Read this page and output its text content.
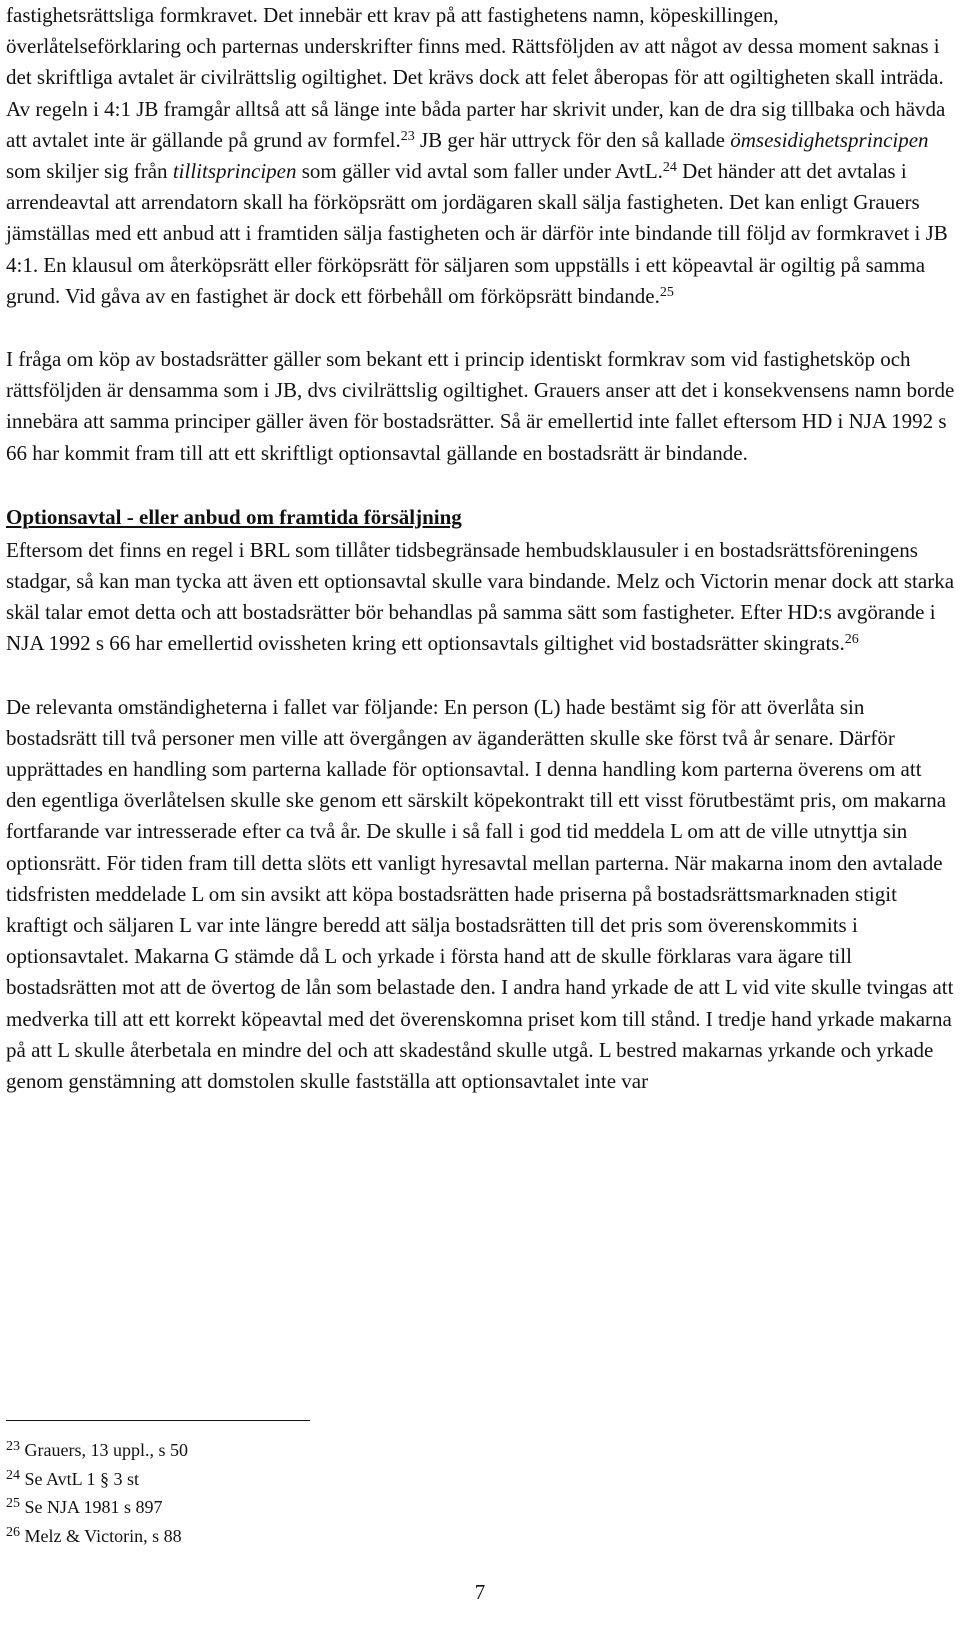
fastighetsrättsliga formkravet. Det innebär ett krav på att fastighetens namn, köpeskillingen, överlåtelseförklaring och parternas underskrifter finns med. Rättsföljden av att något av dessa moment saknas i det skriftliga avtalet är civilrättslig ogiltighet. Det krävs dock att felet åberopas för att ogiltigheten skall inträda. Av regeln i 4:1 JB framgår alltså att så länge inte båda parter har skrivit under, kan de dra sig tillbaka och hävda att avtalet inte är gällande på grund av formfel.$^{23}$ JB ger här uttryck för den så kallade ömsesidighetsprincipen som skiljer sig från tillitsprincipen som gäller vid avtal som faller under AvtL.$^{24}$ Det händer att det avtalas i arrendeavtal att arrendatorn skall ha förköpsrätt om jordägaren skall sälja fastigheten. Det kan enligt Grauers jämställas med ett anbud att i framtiden sälja fastigheten och är därför inte bindande till följd av formkravet i JB 4:1. En klausul om återköpsrätt eller förköpsrätt för säljaren som uppställs i ett köpeavtal är ogiltig på samma grund. Vid gåva av en fastighet är dock ett förbehåll om förköpsrätt bindande.$^{25}$

I fråga om köp av bostadsrätter gäller som bekant ett i princip identiskt formkrav som vid fastighetsköp och rättsföljden är densamma som i JB, dvs civilrättslig ogiltighet. Grauers anser att det i konsekvensens namn borde innebära att samma principer gäller även för bostadsrätter. Så är emellertid inte fallet eftersom HD i NJA 1992 s 66 har kommit fram till att ett skriftligt optionsavtal gällande en bostadsrätt är bindande.

Optionsavtal - eller anbud om framtida försäljning

Eftersom det finns en regel i BRL som tillåter tidsbegränsade hembudsklausuler i en bostadsrättsföreningens stadgar, så kan man tycka att även ett optionsavtal skulle vara bindande. Melz och Victorin menar dock att starka skäl talar emot detta och att bostadsrätter bör behandlas på samma sätt som fastigheter. Efter HD:s avgörande i NJA 1992 s 66 har emellertid ovissheten kring ett optionsavtals giltighet vid bostadsrätter skingrats.$^{26}$

De relevanta omständigheterna i fallet var följande: En person (L) hade bestämt sig för att överlåta sin bostadsrätt till två personer men ville att övergången av äganderätten skulle ske först två år senare. Därför upprättades en handling som parterna kallade för optionsavtal. I denna handling kom parterna överens om att den egentliga överlåtelsen skulle ske genom ett särskilt köpekontrakt till ett visst förutbestämt pris, om makarna fortfarande var intresserade efter ca två år. De skulle i så fall i god tid meddela L om att de ville utnyttja sin optionsrätt. För tiden fram till detta slöts ett vanligt hyresavtal mellan parterna. När makarna inom den avtalade tidsfristen meddelade L om sin avsikt att köpa bostadsrätten hade priserna på bostadsrättsmarknaden stigit kraftigt och säljaren L var inte längre beredd att sälja bostadsrätten till det pris som överenskommits i optionsavtalet. Makarna G stämde då L och yrkade i första hand att de skulle förklaras vara ägare till bostadsrätten mot att de övertog de lån som belastade den. I andra hand yrkade de att L vid vite skulle tvingas att medverka till att ett korrekt köpeavtal med det överenskomna priset kom till stånd. I tredje hand yrkade makarna på att L skulle återbetala en mindre del och att skadestånd skulle utgå. L bestred makarnas yrkande och yrkade genom genstämning att domstolen skulle fastställa att optionsavtalet inte var

$^{23}$ Grauers, 13 uppl., s 50
$^{24}$ Se AvtL 1 § 3 st
$^{25}$ Se NJA 1981 s 897
$^{26}$ Melz & Victorin, s 88
7
